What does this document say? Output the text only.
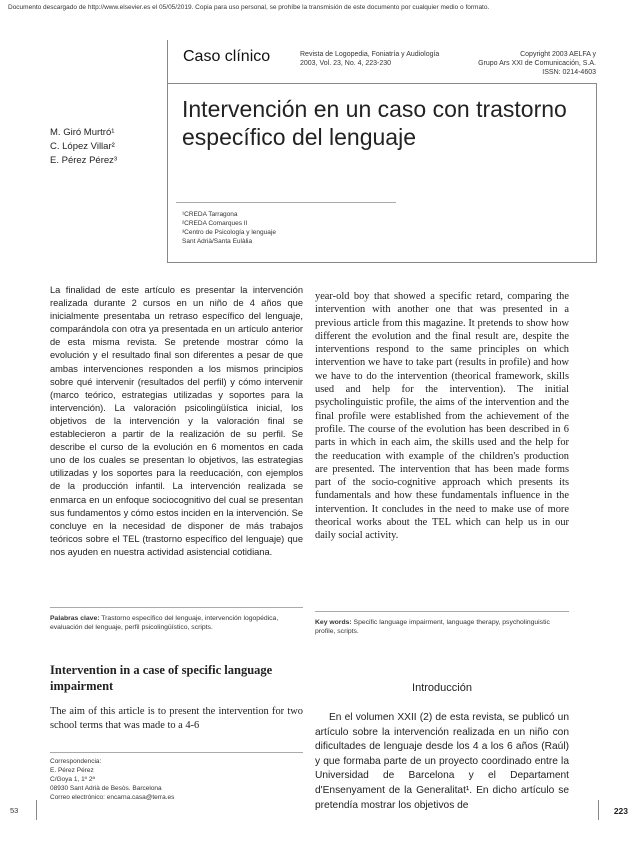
Documento descargado de http://www.elsevier.es el 05/05/2019. Copia para uso personal, se prohíbe la transmisión de este documento por cualquier medio o formato.
Caso clínico	Revista de Logopedia, Foniatría y Audiología
2003, Vol. 23, No. 4, 223-230
Copyright 2003 AELFA y
Grupo Ars XXI de Comunicación, S.A.
ISSN: 0214-4603
Intervención en un caso con trastorno
específico del lenguaje
M. Giró Murtró¹
C. López Villar²
E. Pérez Pérez³
¹CREDA Tarragona
²CREDA Comarques II
³Centro de Psicología y lenguaje
Sant Adrià/Santa Eulàlia
La finalidad de este artículo es presentar la intervención realizada durante 2 cursos en un niño de 4 años que inicialmente presentaba un retraso específico del lenguaje, comparándola con otra ya presentada en un artículo anterior de esta misma revista. Se pretende mostrar cómo la evolución y el resultado final son diferentes a pesar de que ambas intervenciones responden a los mismos principios sobre qué intervenir (resultados del perfil) y cómo intervenir (marco teórico, estrategias utilizadas y soportes para la intervención). La valoración psicolingüística inicial, los objetivos de la intervención y la valoración final se establecieron a partir de la realización de su perfil. Se describe el curso de la evolución en 6 momentos en cada uno de los cuales se presentan lo objetivos, las estrategias utilizadas y los soportes para la reeducación, con ejemplos de la producción infantil. La intervención realizada se enmarca en un enfoque sociocognitivo del cual se presentan sus fundamentos y cómo estos inciden en la intervención. Se concluye en la necesidad de disponer de más trabajos teóricos sobre el TEL (trastorno específico del lenguaje) que nos ayuden en nuestra actividad asistencial cotidiana.
Palabras clave: Trastorno específico del lenguaje, intervención logopédica, evaluación del lenguaje, perfil psicolingüístico, scripts.
Intervention in a case of specific language impairment
The aim of this article is to present the intervention for two school terms that was made to a 4-6
year-old boy that showed a specific retard, comparing the intervention with another one that was presented in a previous article from this magazine. It pretends to show how different the evolution and the final result are, despite the interventions respond to the same principles on which intervention we have to take part (results in profile) and how we have to do the intervention (theorical framework, skills used and help for the intervention). The initial psycholinguistic profile, the aims of the intervention and the final profile were established from the achievement of the profile. The course of the evolution has been described in 6 parts in which in each aim, the skills used and the help for the reeducation with example of the children's production are presented. The intervention that has been made forms part of the socio-cognitive approach which presents its fundamentals and how these fundamentals influence in the intervention. It concludes in the need to make use of more theorical works about the TEL which can help us in our daily social activity.
Key words: Specific language impairment, language therapy, psycholinguistic profile, scripts.
Introducción
En el volumen XXII (2) de esta revista, se publicó un artículo sobre la intervención realizada en un niño con dificultades de lenguaje desde los 4 a los 6 años (Raúl) y que formaba parte de un proyecto coordinado entre la Universidad de Barcelona y el Departament d'Ensenyament de la Generalitat¹. En dicho artículo se pretendía mostrar los objetivos de
Correspondencia:
E. Pérez Pérez
C/Goya 1, 1º 2ª
08930 Sant Adrià de Besòs. Barcelona
Correo electrónico: encarna.casa@terra.es
53	223
